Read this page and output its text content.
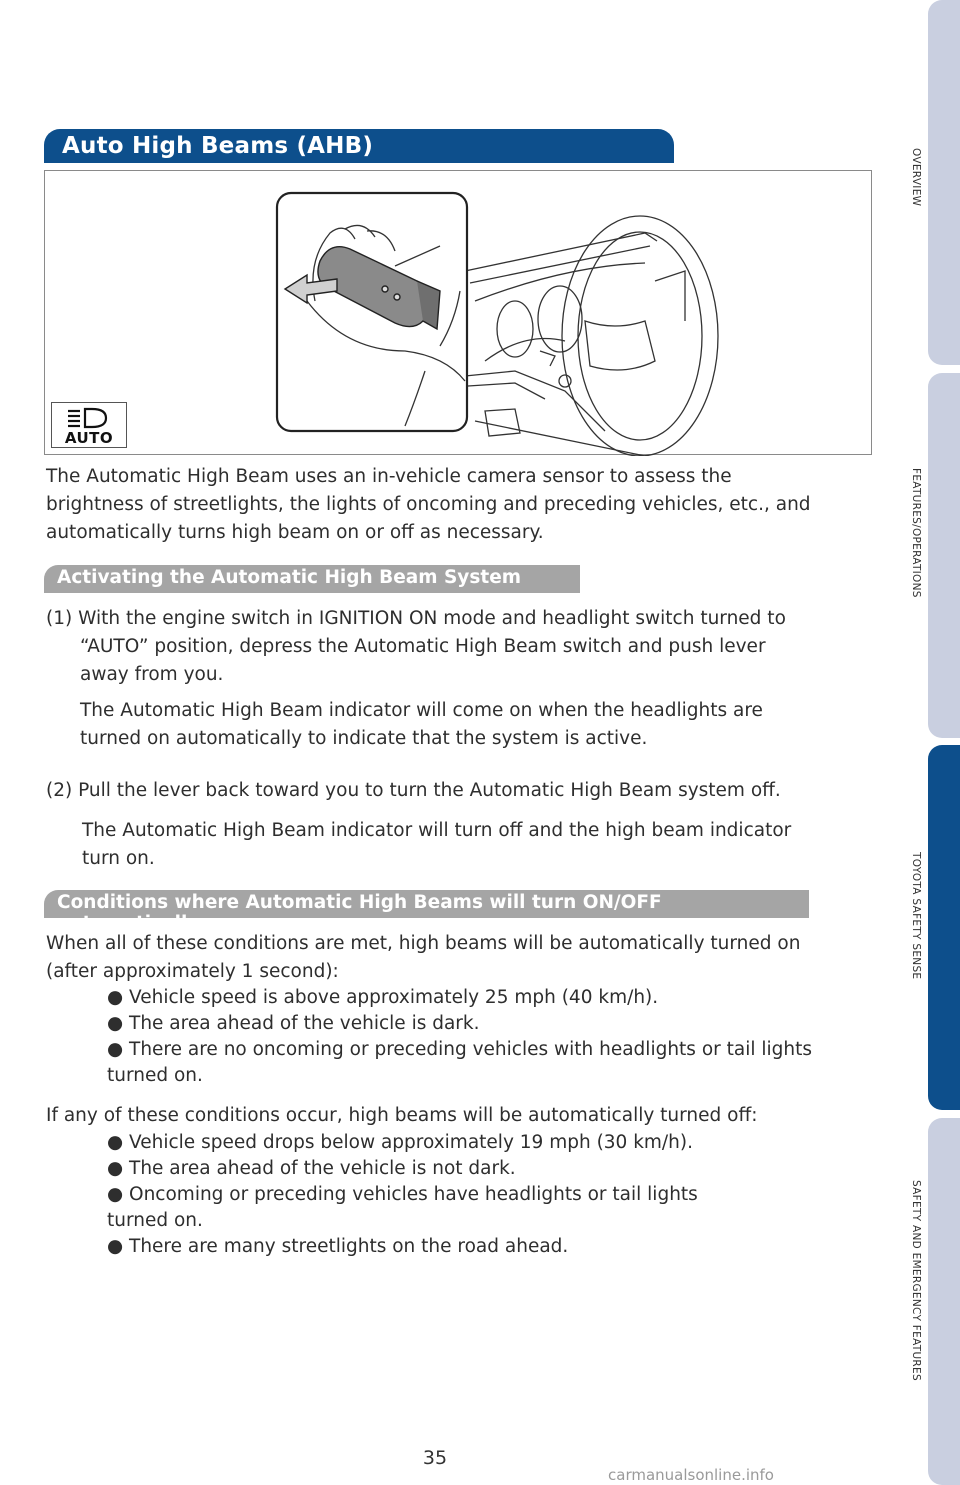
Auto High Beams (AHB)
AUTO
The Automatic High Beam uses an in-vehicle camera sensor to assess the
brightness of streetlights, the lights of oncoming and preceding vehicles, etc., and
automatically turns high beam on or off as necessary.
Activating the Automatic High Beam System
(1) With the engine switch in IGNITION ON mode and headlight switch turned to
“AUTO” position, depress the Automatic High Beam switch and push lever
away from you.
The Automatic High Beam indicator will come on when the headlights are
turned on automatically to indicate that the system is active.
(2) Pull the lever back toward you to turn the Automatic High Beam system off.
The Automatic High Beam indicator will turn off and the high beam indicator
turn on.
Conditions where Automatic High Beams will turn ON/OFF automatically
When all of these conditions are met, high beams will be automatically turned on
(after approximately 1 second):
● Vehicle speed is above approximately 25 mph (40 km/h).
● The area ahead of the vehicle is dark.
● There are no oncoming or preceding vehicles with headlights or tail lights
turned on.
If any of these conditions occur, high beams will be automatically turned off:
● Vehicle speed drops below approximately 19 mph (30 km/h).
● The area ahead of the vehicle is not dark.
● Oncoming or preceding vehicles have headlights or tail lights
turned on.
● There are many streetlights on the road ahead.
OVERVIEW
FEATURES/OPERATIONS
TOYOTA SAFETY SENSE
SAFETY AND EMERGENCY FEATURES
35
carmanualsonline.info
